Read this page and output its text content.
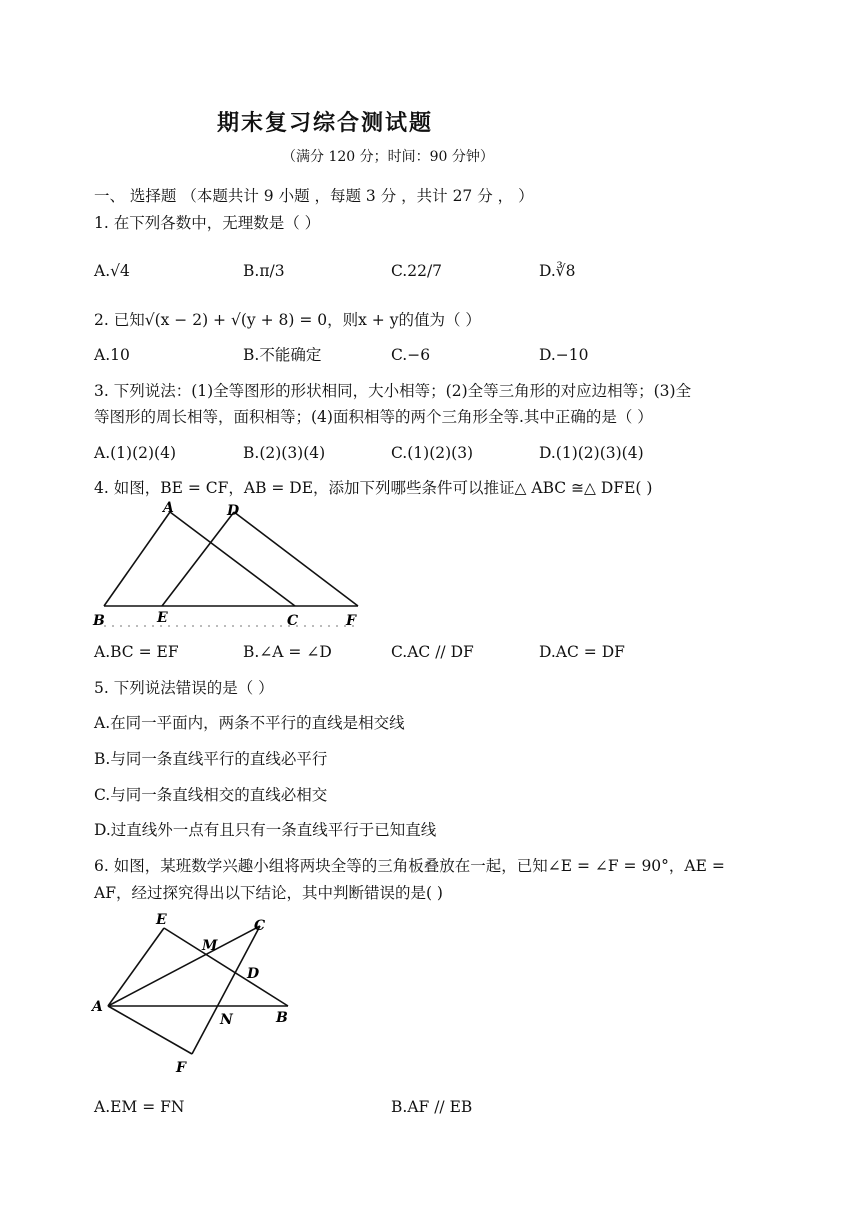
期末复习综合测试题
（满分 120 分；时间：90 分钟）
一、 选择题 （本题共计 9 小题 ，每题 3 分 ，共计 27 分 ， ）
1. 在下列各数中，无理数是（ ）
A.√4	B.π/3	C.22/7	D.∛8
2. 已知√(x − 2) + √(y + 8) = 0，则x + y的值为（ ）
A.10	B.不能确定	C.−6	D.−10
3. 下列说法：(1)全等图形的形状相同，大小相等；(2)全等三角形的对应边相等；(3)全
等图形的周长相等，面积相等；(4)面积相等的两个三角形全等.其中正确的是（ ）
A.(1)(2)(4)	B.(2)(3)(4)	C.(1)(2)(3)	D.(1)(2)(3)(4)
4. 如图，BE = CF，AB = DE，添加下列哪些条件可以推证△ ABC ≅△ DFE( )
A	D
B	E	C	F
A.BC = EF	B.∠A = ∠D	C.AC // DF	D.AC = DF
5. 下列说法错误的是（ ）
A.在同一平面内，两条不平行的直线是相交线
B.与同一条直线平行的直线必平行
C.与同一条直线相交的直线必相交
D.过直线外一点有且只有一条直线平行于已知直线
6. 如图，某班数学兴趣小组将两块全等的三角板叠放在一起，已知∠E = ∠F = 90°，AE =
AF，经过探究得出以下结论，其中判断错误的是( )
E
M
C
D
A
N	B
F
A.EM = FN	B.AF // EB
